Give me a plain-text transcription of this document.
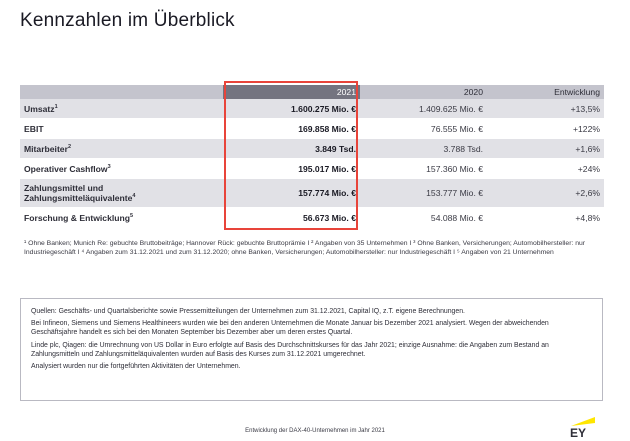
Kennzahlen im Überblick
	2021	2020	Entwicklung
Umsatz$^1$	1.600.275 Mio. €	1.409.625 Mio. €	+13,5%
EBIT	169.858 Mio. €	76.555 Mio. €	+122%
Mitarbeiter$^2$	3.849 Tsd.	3.788 Tsd.	+1,6%
Operativer Cashflow$^3$	195.017 Mio. €	157.360 Mio. €	+24%
Zahlungsmittel und
Zahlungsmitteläquivalente$^4$	157.774 Mio. €	153.777 Mio. €	+2,6%
Forschung & Entwicklung$^5$	56.673 Mio. €	54.088 Mio. €	+4,8%
¹ Ohne Banken; Munich Re: gebuchte Bruttobeiträge; Hannover Rück: gebuchte Bruttoprämie I ² Angaben von 35 Unternehmen I ³ Ohne Banken, Versicherungen; Automobilhersteller: nur Industriegeschäft I ⁴ Angaben zum 31.12.2021 und zum 31.12.2020; ohne Banken, Versicherungen; Automobilhersteller: nur Industriegeschäft I ⁵ Angaben von 21 Unternehmen

Quellen: Geschäfts- und Quartalsberichte sowie Pressemitteilungen der Unternehmen zum 31.12.2021, Capital IQ, z.T. eigene Berechnungen.

Bei Infineon, Siemens und Siemens Healthineers wurden wie bei den anderen Unternehmen die Monate Januar bis Dezember 2021 analysiert. Wegen der abweichenden Geschäftsjahre handelt es sich bei den Monaten September bis Dezember aber um deren erstes Quartal.

Linde plc, Qiagen: die Umrechnung von US Dollar in Euro erfolgte auf Basis des Durchschnittskurses für das Jahr 2021; einzige Ausnahme: die Angaben zum Bestand an Zahlungsmitteln und Zahlungsmitteläquivalenten wurden auf Basis des Kurses zum 31.12.2021 umgerechnet.

Analysiert wurden nur die fortgeführten Aktivitäten der Unternehmen.

Entwicklung der DAX-40-Unternehmen im Jahr 2021	EY
